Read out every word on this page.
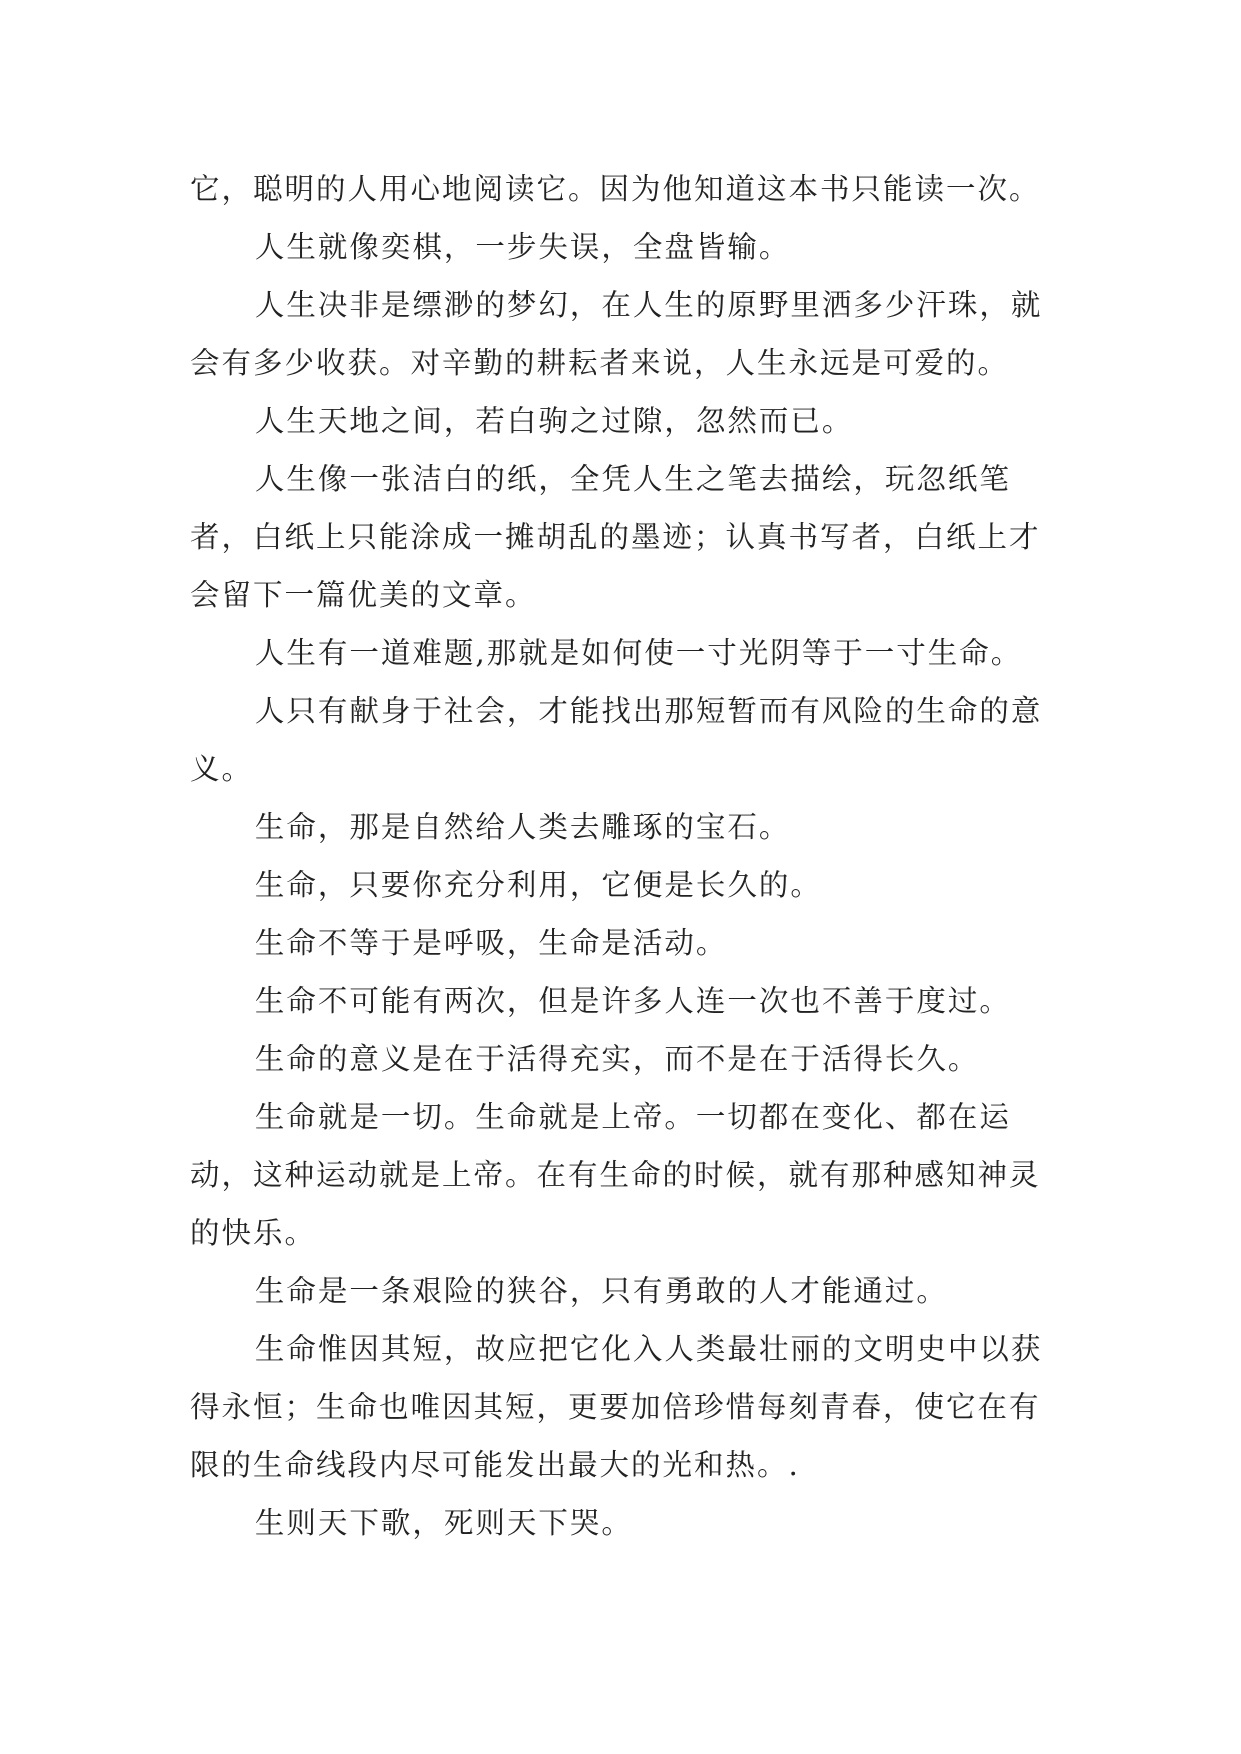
它，聪明的人用心地阅读它。因为他知道这本书只能读一次。

人生就像奕棋，一步失误，全盘皆输。

人生决非是缥渺的梦幻，在人生的原野里洒多少汗珠，就会有多少收获。对辛勤的耕耘者来说，人生永远是可爱的。

人生天地之间，若白驹之过隙，忽然而已。

人生像一张洁白的纸，全凭人生之笔去描绘，玩忽纸笔者，白纸上只能涂成一摊胡乱的墨迹；认真书写者，白纸上才会留下一篇优美的文章。

人生有一道难题,那就是如何使一寸光阴等于一寸生命。

人只有献身于社会，才能找出那短暂而有风险的生命的意义。

生命，那是自然给人类去雕琢的宝石。

生命，只要你充分利用，它便是长久的。

生命不等于是呼吸，生命是活动。

生命不可能有两次，但是许多人连一次也不善于度过。

生命的意义是在于活得充实，而不是在于活得长久。

生命就是一切。生命就是上帝。一切都在变化、都在运动，这种运动就是上帝。在有生命的时候，就有那种感知神灵的快乐。

生命是一条艰险的狭谷，只有勇敢的人才能通过。

生命惟因其短，故应把它化入人类最壮丽的文明史中以获得永恒；生命也唯因其短，更要加倍珍惜每刻青春，使它在有限的生命线段内尽可能发出最大的光和热。.

生则天下歌，死则天下哭。
